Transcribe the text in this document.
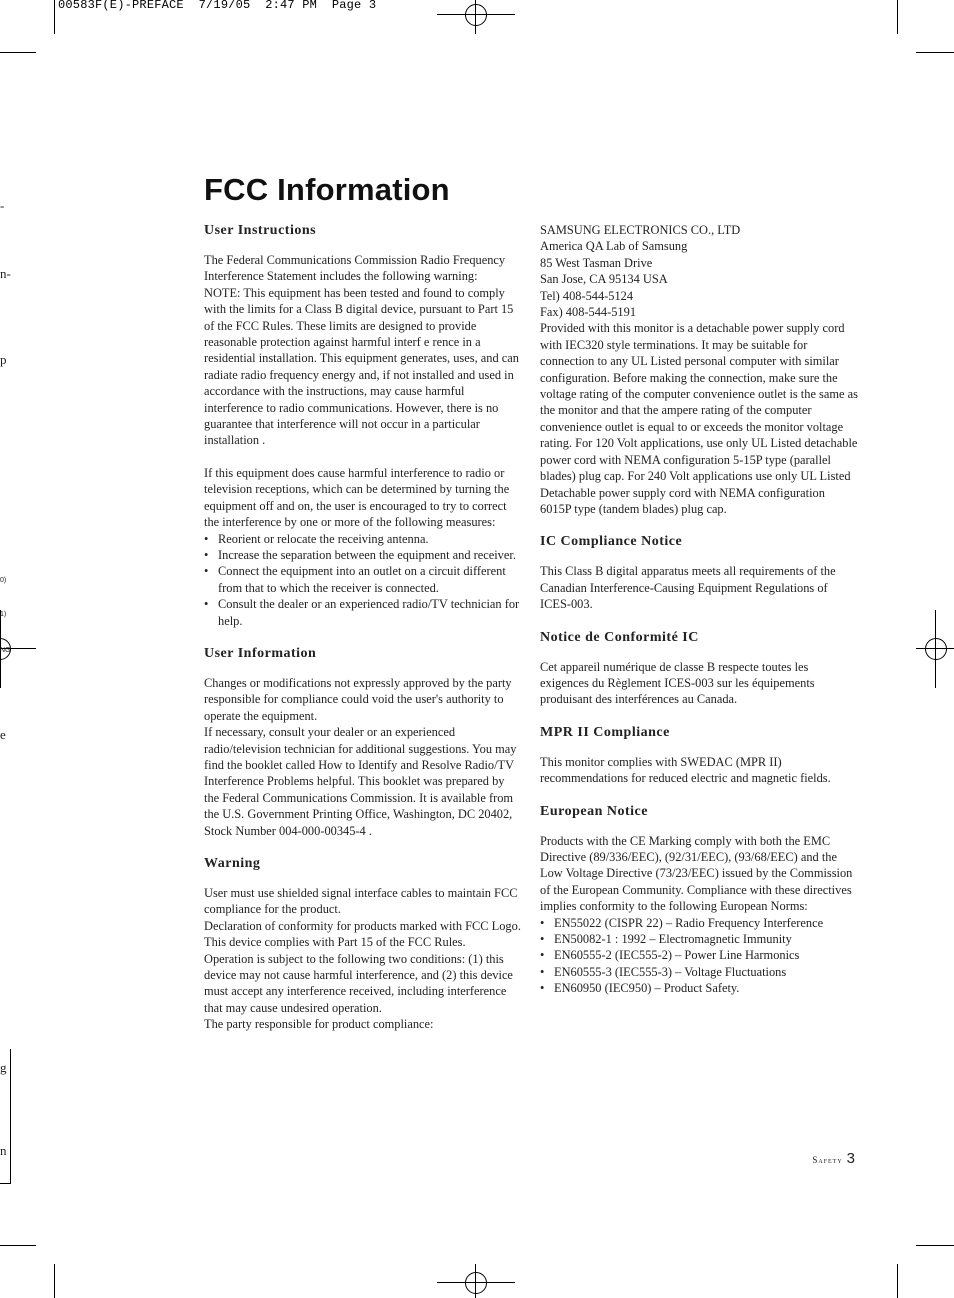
00583F(E)-PREFACE  7/19/05  2:47 PM  Page 3
-
n-
p
0)
1)
NG
e
g
n
FCC Information
User Instructions

The Federal Communications Commission Radio Frequency Interference Statement includes the following warning:

NOTE: This equipment has been tested and found to comply with the limits for a Class B digital device, pursuant to Part 15 of the FCC Rules. These limits are designed to provide reasonable protection against harmful interf e rence in a residential installation. This equipment generates, uses, and can radiate radio frequency energy and, if not installed and used in accordance with the instructions, may cause harmful interference to radio communications. However, there is no guarantee that interference will not occur in a particular installation .

If this equipment does cause harmful interference to radio or television receptions, which can be determined by turning the equipment off and on, the user is encouraged to try to correct the interference by one or more of the following measures:

• Reorient or relocate the receiving antenna.
• Increase the separation between the equipment and receiver.
• Connect the equipment into an outlet on a circuit different from that to which the receiver is connected.
• Consult the dealer or an experienced radio/TV technician for help.
User Information

Changes or modifications not expressly approved by the party responsible for compliance could void the user's authority to operate the equipment.

If necessary, consult your dealer or an experienced radio/television technician for additional suggestions. You may find the booklet called How to Identify and Resolve Radio/TV Interference Problems helpful. This booklet was prepared by the Federal Communications Commission. It is available from the U.S. Government Printing Office, Washington, DC 20402, Stock Number 004-000-00345-4 .

Warning

User must use shielded signal interface cables to maintain FCC compliance for the product.

Declaration of conformity for products marked with FCC Logo. This device complies with Part 15 of the FCC Rules.

Operation is subject to the following two conditions: (1) this device may not cause harmful interference, and (2) this device must accept any interference received, including interference that may cause undesired operation.

The party responsible for product compliance:

SAMSUNG ELECTRONICS CO., LTD

America QA Lab of Samsung

85 West Tasman Drive

San Jose, CA 95134 USA

Tel) 408-544-5124

Fax) 408-544-5191

Provided with this monitor is a detachable power supply cord with IEC320 style terminations. It may be suitable for connection to any UL Listed personal computer with similar configuration. Before making the connection, make sure the voltage rating of the computer convenience outlet is the same as the monitor and that the ampere rating of the computer convenience outlet is equal to or exceeds the monitor voltage rating. For 120 Volt applications, use only UL Listed detachable power cord with NEMA configuration 5-15P type (parallel blades) plug cap. For 240 Volt applications use only UL Listed Detachable power supply cord with NEMA configuration 6015P type (tandem blades) plug cap.

IC Compliance Notice

This Class B digital apparatus meets all requirements of the Canadian Interference-Causing Equipment Regulations of ICES-003.

Notice de Conformité IC

Cet appareil numérique de classe B respecte toutes les exigences du Règlement ICES-003 sur les équipements produisant des interférences au Canada.

MPR II Compliance

This monitor complies with SWEDAC (MPR II) recommendations for reduced electric and magnetic fields.

European Notice

Products with the CE Marking comply with both the EMC Directive (89/336/EEC), (92/31/EEC), (93/68/EEC) and the Low Voltage Directive (73/23/EEC) issued by the Commission of the European Community. Compliance with these directives implies conformity to the following European Norms:

• EN55022 (CISPR 22) – Radio Frequency Interference
• EN50082-1 : 1992 – Electromagnetic Immunity
• EN60555-2 (IEC555-2) – Power Line Harmonics
• EN60555-3 (IEC555-3) – Voltage Fluctuations
• EN60950 (IEC950) – Product Safety.
Safety 3
